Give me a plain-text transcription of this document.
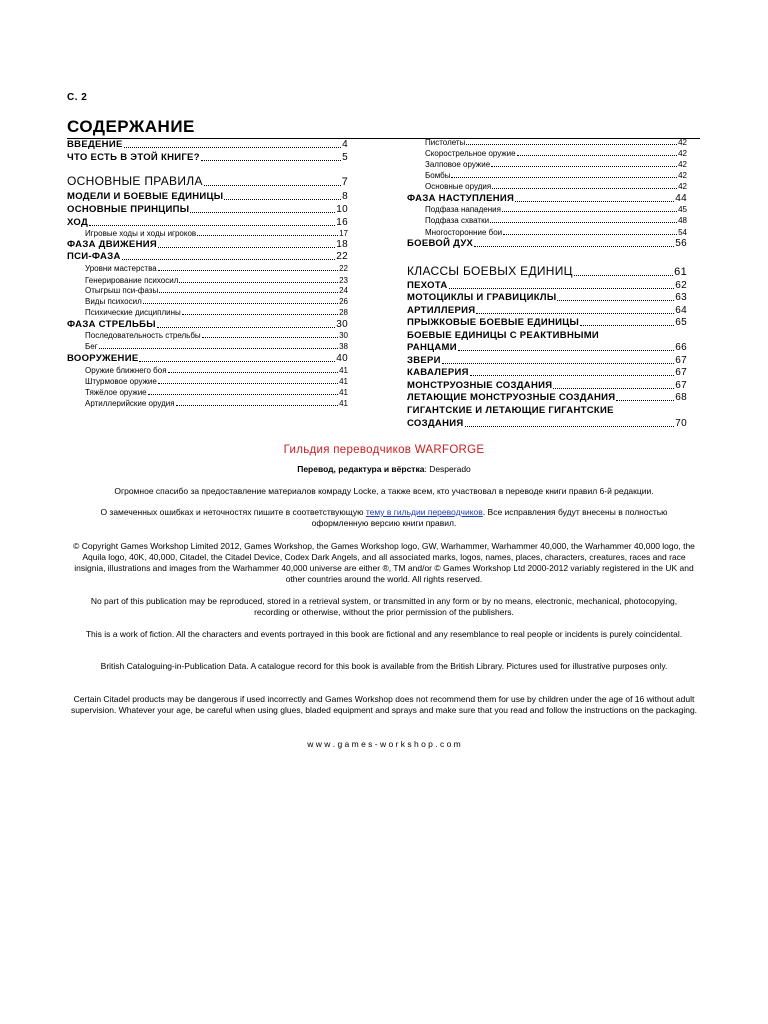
С. 2
СОДЕРЖАНИЕ
ВВЕДЕНИЕ	4
ЧТО ЕСТЬ В ЭТОЙ КНИГЕ?	5
ОСНОВНЫЕ ПРАВИЛА	7
МОДЕЛИ И БОЕВЫЕ ЕДИНИЦЫ	8
ОСНОВНЫЕ ПРИНЦИПЫ	10
ХОД	16
Игровые ходы и ходы игроков	17
ФАЗА ДВИЖЕНИЯ	18
ПСИ-ФАЗА	22
Уровни мастерства	22
Генерирование психосил	23
Отыгрыш пси-фазы	24
Виды психосил	26
Психические дисциплины	28
ФАЗА СТРЕЛЬБЫ	30
Последовательность стрельбы	30
Бег	38
ВООРУЖЕНИЕ	40
Оружие ближнего боя	41
Штурмовое оружие	41
Тяжёлое оружие	41
Артиллерийские орудия	41
Пистолеты	42
Скорострельное оружие	42
Залповое оружие	42
Бомбы	42
Основные орудия	42
ФАЗА НАСТУПЛЕНИЯ	44
Подфаза нападения	45
Подфаза схватки	48
Многосторонние бои	54
БОЕВОЙ ДУХ	56
КЛАССЫ БОЕВЫХ ЕДИНИЦ	61
ПЕХОТА	62
МОТОЦИКЛЫ И ГРАВИЦИКЛЫ	63
АРТИЛЛЕРИЯ	64
ПРЫЖКОВЫЕ БОЕВЫЕ ЕДИНИЦЫ	65
БОЕВЫЕ ЕДИНИЦЫ С РЕАКТИВНЫМИ
РАНЦАМИ	66
ЗВЕРИ	67
КАВАЛЕРИЯ	67
МОНСТРУОЗНЫЕ СОЗДАНИЯ	67
ЛЕТАЮЩИЕ МОНСТРУОЗНЫЕ СОЗДАНИЯ	68
ГИГАНТСКИЕ И ЛЕТАЮЩИЕ ГИГАНТСКИЕ
СОЗДАНИЯ	70
Гильдия переводчиков WARFORGE
Перевод, редактура и вёрстка: Desperado
Огромное спасибо за предоставление материалов комраду Locke, а также всем, кто участвовал в переводе книги правил 6-й редакции.
О замеченных ошибках и неточностях пишите в соответствующую тему в гильдии переводчиков. Все исправления будут внесены в полностью оформленную версию книги правил.
© Copyright Games Workshop Limited 2012, Games Workshop, the Games Workshop logo, GW, Warhammer, Warhammer 40,000, the Warhammer 40,000 logo, the Aquila logo, 40K, 40,000, Citadel, the Citadel Device, Codex Dark Angels, and all associated marks, logos, names, places, characters, creatures, races and race insignia, illustrations and images from the Warhammer 40,000 universe are either ®, TM and/or © Games Workshop Ltd 2000-2012 variably registered in the UK and other countries around the world. All rights reserved.
No part of this publication may be reproduced, stored in a retrieval system, or transmitted in any form or by no means, electronic, mechanical, photocopying, recording or otherwise, without the prior permission of the publishers.
This is a work of fiction. All the characters and events portrayed in this book are fictional and any resemblance to real people or incidents is purely coincidental.
British Cataloguing-in-Publication Data. A catalogue record for this book is available from the British Library. Pictures used for illustrative purposes only.
Certain Citadel products may be dangerous if used incorrectly and Games Workshop does not recommend them for use by children under the age of 16 without adult supervision. Whatever your age, be careful when using glues, bladed equipment and sprays and make sure that you read and follow the instructions on the packaging.
w w w . g a m e s - w o r k s h o p . c o m
